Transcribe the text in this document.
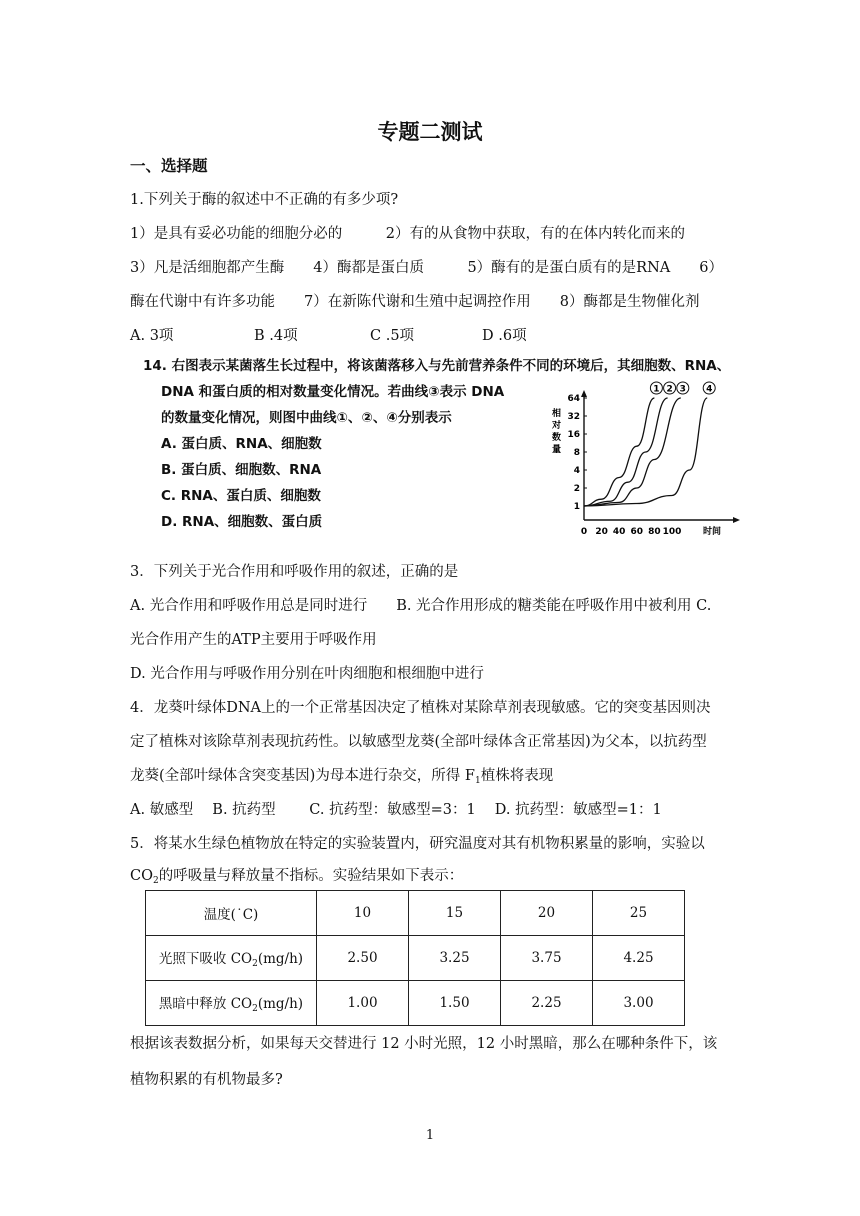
专题二测试
一、选择题
1.下列关于酶的叙述中不正确的有多少项?
1）是具有妥必功能的细胞分必的　　　2）有的从食物中获取，有的在体内转化而来的
3）凡是活细胞都产生酶　　4）酶都是蛋白质　　　5）酶有的是蛋白质有的是RNA　　6）
酶在代谢中有许多功能　　7）在新陈代谢和生殖中起调控作用　　8）酶都是生物催化剂
A. 3项	B .4项	C .5项	D .6项
14. 右图表示某菌落生长过程中，将该菌落移入与先前营养条件不同的环境后，其细胞数、RNA、
DNA 和蛋白质的相对数量变化情况。若曲线③表示 DNA
的数量变化情况，则图中曲线①、②、④分别表示
A. 蛋白质、RNA、细胞数
B. 蛋白质、细胞数、RNA
C. RNA、蛋白质、细胞数
D. RNA、细胞数、蛋白质
相
对
数
量
1
2
4
8
16
32
64
0 20 40 60 80 100 时间
1 2 3 4
3．下列关于光合作用和呼吸作用的叙述，正确的是
A. 光合作用和呼吸作用总是同时进行　　B. 光合作用形成的糖类能在呼吸作用中被利用 C.
光合作用产生的ATP主要用于呼吸作用
D. 光合作用与呼吸作用分别在叶肉细胞和根细胞中进行
4．龙葵叶绿体DNA上的一个正常基因决定了植株对某除草剂表现敏感。它的突变基因则决
定了植株对该除草剂表现抗药性。以敏感型龙葵(全部叶绿体含正常基因)为父本，以抗药型
龙葵(全部叶绿体含突变基因)为母本进行杂交，所得 $F_1$植株将表现
A. 敏感型　 B. 抗药型　　 C. 抗药型：敏感型=3：1　 D. 抗药型：敏感型=1：1
5．将某水生绿色植物放在特定的实验装置内，研究温度对其有机物积累量的影响，实验以
$CO_2$的呼吸量与释放量不指标。实验结果如下表示：
温度(˙C)	10	15	20	25
光照下吸收 $CO_2(mg/h)$	2.50	3.25	3.75	4.25
黑暗中释放 $CO_2(mg/h)$	1.00	1.50	2.25	3.00
根据该表数据分析，如果每天交替进行 12 小时光照，12 小时黑暗，那么在哪种条件下，该
植物积累的有机物最多?
1
